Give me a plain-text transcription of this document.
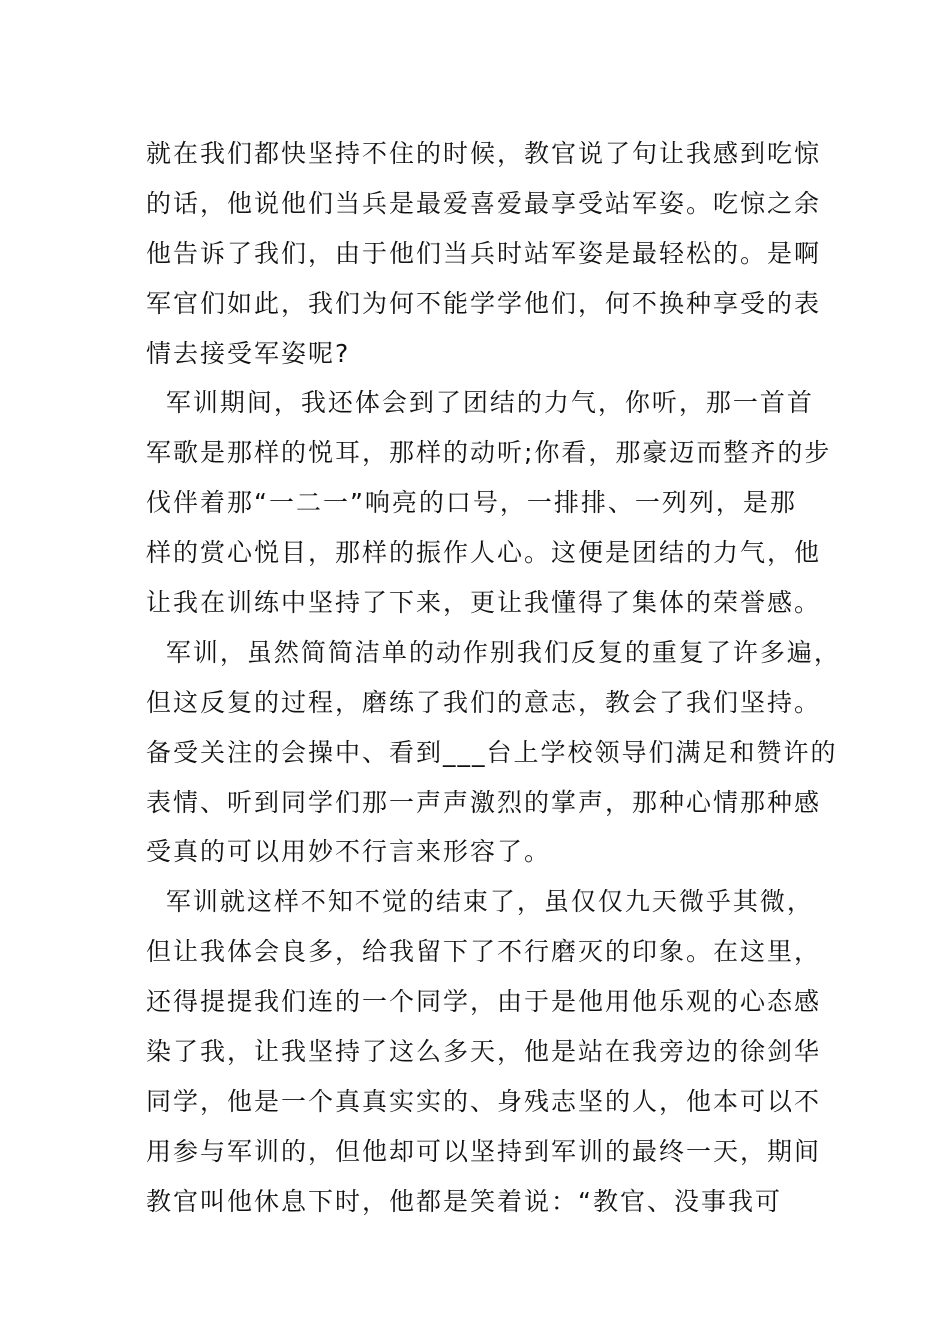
就在我们都快坚持不住的时候，教官说了句让我感到吃惊
的话，他说他们当兵是最爱喜爱最享受站军姿。吃惊之余
他告诉了我们，由于他们当兵时站军姿是最轻松的。是啊
军官们如此，我们为何不能学学他们，何不换种享受的表
情去接受军姿呢?
军训期间，我还体会到了团结的力气，你听，那一首首
军歌是那样的悦耳，那样的动听;你看，那豪迈而整齐的步
伐伴着那“一二一”响亮的口号，一排排、一列列，是那
样的赏心悦目，那样的振作人心。这便是团结的力气，他
让我在训练中坚持了下来，更让我懂得了集体的荣誉感。
军训，虽然简简洁单的动作别我们反复的重复了许多遍，
但这反复的过程，磨练了我们的意志，教会了我们坚持。
备受关注的会操中、看到___台上学校领导们满足和赞许的
表情、听到同学们那一声声激烈的掌声，那种心情那种感
受真的可以用妙不行言来形容了。
军训就这样不知不觉的结束了，虽仅仅九天微乎其微，
但让我体会良多，给我留下了不行磨灭的印象。在这里，
还得提提我们连的一个同学，由于是他用他乐观的心态感
染了我，让我坚持了这么多天，他是站在我旁边的徐剑华
同学，他是一个真真实实的、身残志坚的人，他本可以不
用参与军训的，但他却可以坚持到军训的最终一天，期间
教官叫他休息下时，他都是笑着说：“教官、没事我可
